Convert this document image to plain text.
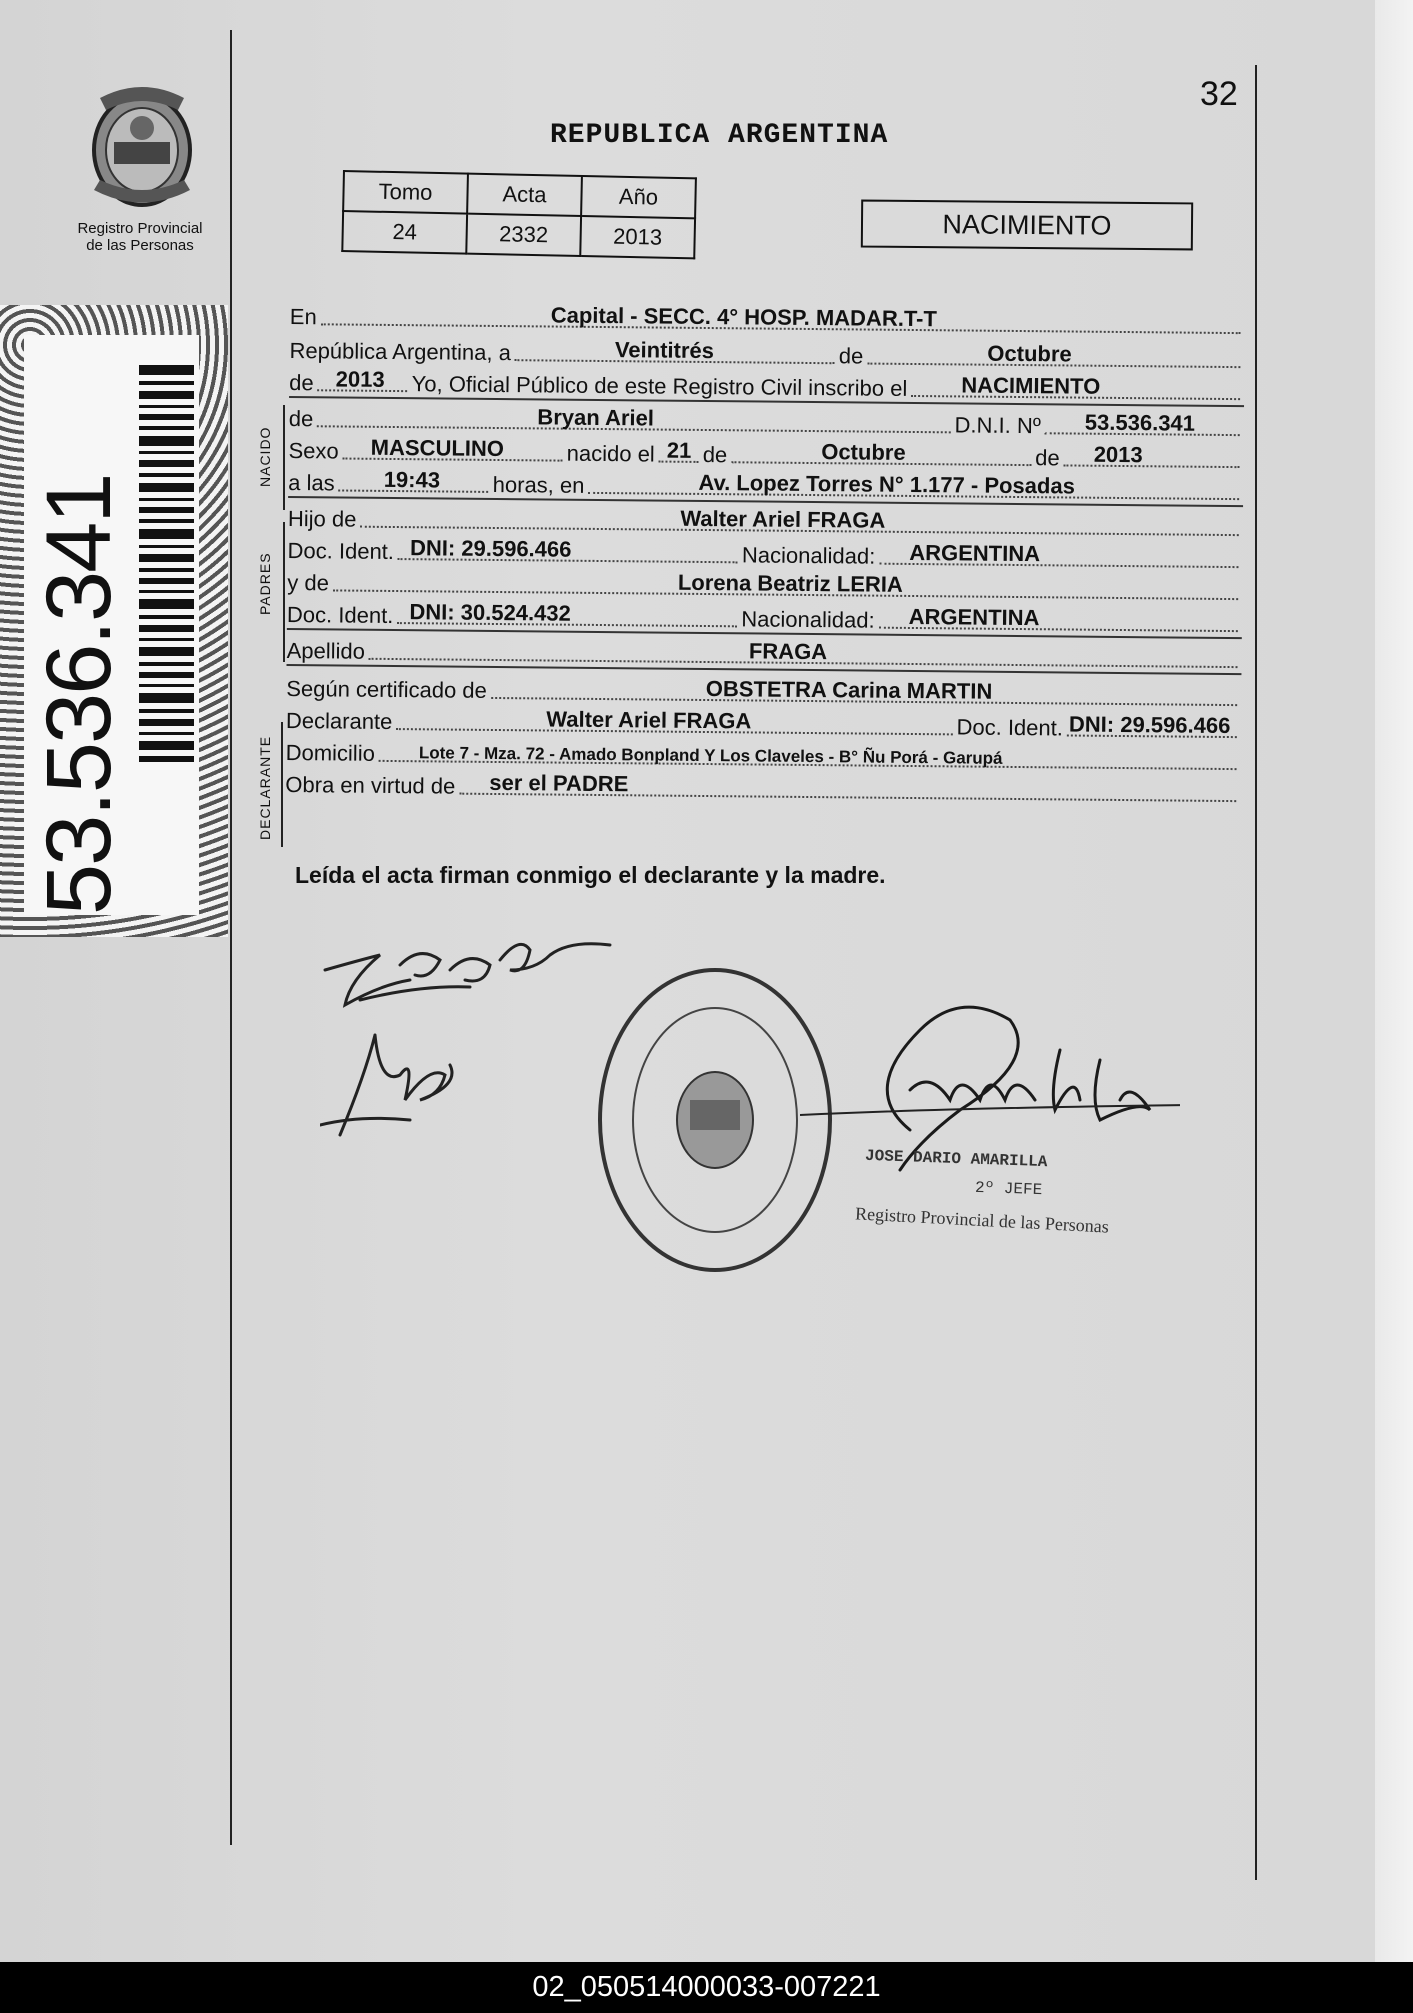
Registro Provincial
de las Personas
53.536.341
32
REPUBLICA ARGENTINA
Tomo	Acta	Año
24	2332	2013	NACIMIENTO
En	Capital - SECC. 4° HOSP. MADAR.T-T
República Argentina, a	Veintitrés	de	Octubre
de 2013 Yo, Oficial Público de este Registro Civil inscribo el NACIMIENTO
de	Bryan Ariel	D.N.I. Nº 53.536.341
Sexo MASCULINO	nacido el 21 de	Octubre	de 2013
a las 19:43 horas, en	Av. Lopez Torres N° 1.177 - Posadas
Hijo de	Walter Ariel FRAGA
Doc. Ident. DNI: 29.596.466	Nacionalidad: ARGENTINA
y de	Lorena Beatriz LERIA
Doc. Ident. DNI: 30.524.432	Nacionalidad: ARGENTINA
Apellido	FRAGA
Según certificado de	OBSTETRA Carina MARTIN
Declarante	Walter Ariel FRAGA	Doc. Ident. DNI: 29.596.466
Domicilio	Lote 7 - Mza. 72 - Amado Bonpland Y Los Claveles - B° Ñu Porá - Garupá
Obra en virtud de ser el PADRE
NACIDO
PADRES
DECLARANTE
Leída el acta firman conmigo el declarante y la madre.
JOSE DARIO AMARILLA
2º JEFE
Registro Provincial de las Personas
02_050514000033-007221
